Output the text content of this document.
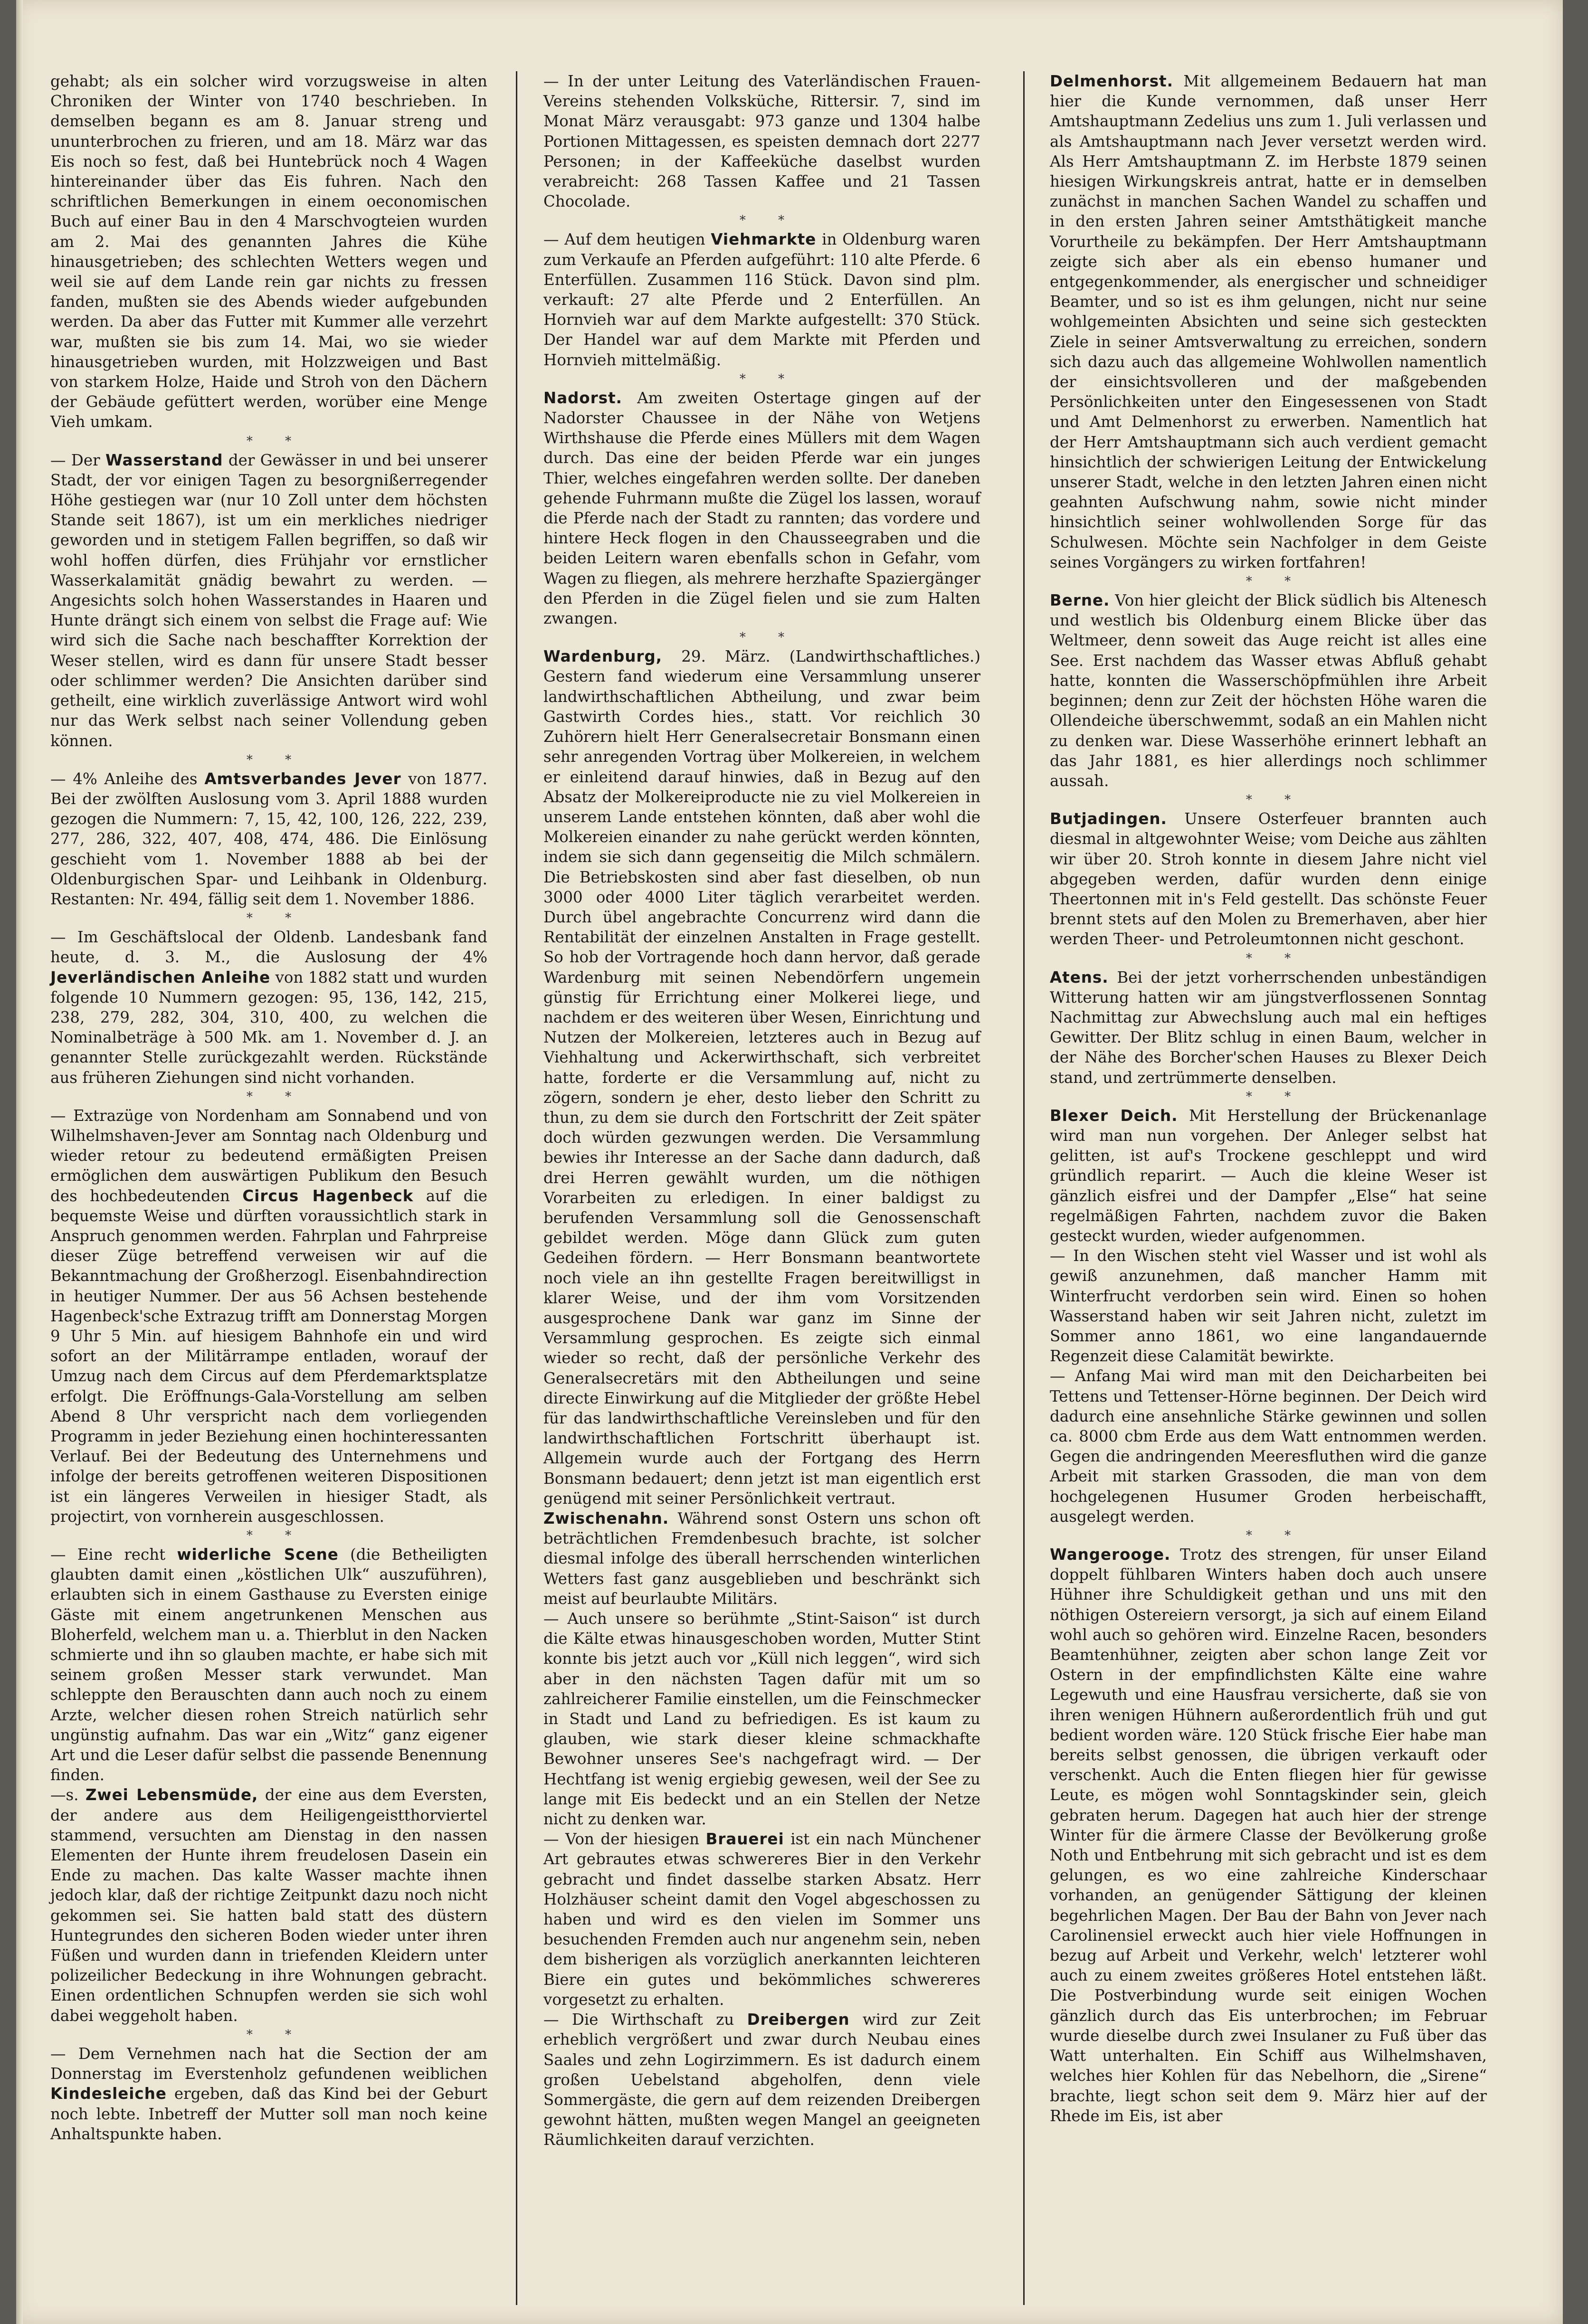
gehabt; als ein solcher wird vorzugsweise in alten Chroniken der Winter von 1740 beschrieben. In demselben begann es am 8. Januar streng und ununterbrochen zu frieren, und am 18. März war das Eis noch so fest, daß bei Huntebrück noch 4 Wagen hintereinander über das Eis fuhren. Nach den schriftlichen Bemerkungen in einem oeconomischen Buch auf einer Bau in den 4 Marschvogteien wurden am 2. Mai des genannten Jahres die Kühe hinausgetrieben; des schlechten Wetters wegen und weil sie auf dem Lande rein gar nichts zu fressen fanden, mußten sie des Abends wieder aufgebunden werden. Da aber das Futter mit Kummer alle verzehrt war, mußten sie bis zum 14. Mai, wo sie wieder hinausgetrieben wurden, mit Holzzweigen und Bast von starkem Holze, Haide und Stroh von den Dächern der Gebäude gefüttert werden, worüber eine Menge Vieh umkam.

* *

— Der Wasserstand der Gewässer in und bei unserer Stadt, der vor einigen Tagen zu besorgnißerregender Höhe gestiegen war (nur 10 Zoll unter dem höchsten Stande seit 1867), ist um ein merkliches niedriger geworden und in stetigem Fallen begriffen, so daß wir wohl hoffen dürfen, dies Frühjahr vor ernstlicher Wasserkalamität gnädig bewahrt zu werden. — Angesichts solch hohen Wasserstandes in Haaren und Hunte drängt sich einem von selbst die Frage auf: Wie wird sich die Sache nach beschaffter Korrektion der Weser stellen, wird es dann für unsere Stadt besser oder schlimmer werden? Die Ansichten darüber sind getheilt, eine wirklich zuverlässige Antwort wird wohl nur das Werk selbst nach seiner Vollendung geben können.

* *

— 4% Anleihe des Amtsverbandes Jever von 1877. Bei der zwölften Auslosung vom 3. April 1888 wurden gezogen die Nummern: 7, 15, 42, 100, 126, 222, 239, 277, 286, 322, 407, 408, 474, 486. Die Einlösung geschieht vom 1. November 1888 ab bei der Oldenburgischen Spar- und Leihbank in Oldenburg. Restanten: Nr. 494, fällig seit dem 1. November 1886.

* *

— Im Geschäftslocal der Oldenb. Landesbank fand heute, d. 3. M., die Auslosung der 4% Jeverländischen Anleihe von 1882 statt und wurden folgende 10 Nummern gezogen: 95, 136, 142, 215, 238, 279, 282, 304, 310, 400, zu welchen die Nominalbeträge à 500 Mk. am 1. November d. J. an genannter Stelle zurückgezahlt werden. Rückstände aus früheren Ziehungen sind nicht vorhanden.

* *

— Extrazüge von Nordenham am Sonnabend und von Wilhelmshaven-Jever am Sonntag nach Oldenburg und wieder retour zu bedeutend ermäßigten Preisen ermöglichen dem auswärtigen Publikum den Besuch des hochbedeutenden Circus Hagenbeck auf die bequemste Weise und dürften voraussichtlich stark in Anspruch genommen werden. Fahrplan und Fahrpreise dieser Züge betreffend verweisen wir auf die Bekanntmachung der Großherzogl. Eisenbahndirection in heutiger Nummer. Der aus 56 Achsen bestehende Hagenbeck'sche Extrazug trifft am Donnerstag Morgen 9 Uhr 5 Min. auf hiesigem Bahnhofe ein und wird sofort an der Militärrampe entladen, worauf der Umzug nach dem Circus auf dem Pferdemarktsplatze erfolgt. Die Eröffnungs-Gala-Vorstellung am selben Abend 8 Uhr verspricht nach dem vorliegenden Programm in jeder Beziehung einen hochinteressanten Verlauf. Bei der Bedeutung des Unternehmens und infolge der bereits getroffenen weiteren Dispositionen ist ein längeres Verweilen in hiesiger Stadt, als projectirt, von vornherein ausgeschlossen.

* *

— Eine recht widerliche Scene (die Betheiligten glaubten damit einen „köstlichen Ulk“ auszuführen), erlaubten sich in einem Gasthause zu Eversten einige Gäste mit einem angetrunkenen Menschen aus Bloherfeld, welchem man u. a. Thierblut in den Nacken schmierte und ihn so glauben machte, er habe sich mit seinem großen Messer stark verwundet. Man schleppte den Berauschten dann auch noch zu einem Arzte, welcher diesen rohen Streich natürlich sehr ungünstig aufnahm. Das war ein „Witz“ ganz eigener Art und die Leser dafür selbst die passende Benennung finden.

—s. Zwei Lebensmüde, der eine aus dem Eversten, der andere aus dem Heiligengeistthorviertel stammend, versuchten am Dienstag in den nassen Elementen der Hunte ihrem freudelosen Dasein ein Ende zu machen. Das kalte Wasser machte ihnen jedoch klar, daß der richtige Zeitpunkt dazu noch nicht gekommen sei. Sie hatten bald statt des düstern Huntegrundes den sicheren Boden wieder unter ihren Füßen und wurden dann in triefenden Kleidern unter polizeilicher Bedeckung in ihre Wohnungen gebracht. Einen ordentlichen Schnupfen werden sie sich wohl dabei weggeholt haben.

* *

— Dem Vernehmen nach hat die Section der am Donnerstag im Everstenholz gefundenen weiblichen Kindesleiche ergeben, daß das Kind bei der Geburt noch lebte. Inbetreff der Mutter soll man noch keine Anhaltspunkte haben.

— In der unter Leitung des Vaterländischen Frauen-Vereins stehenden Volksküche, Rittersir. 7, sind im Monat März verausgabt: 973 ganze und 1304 halbe Portionen Mittagessen, es speisten demnach dort 2277 Personen; in der Kaffeeküche daselbst wurden verabreicht: 268 Tassen Kaffee und 21 Tassen Chocolade.

* *

— Auf dem heutigen Viehmarkte in Oldenburg waren zum Verkaufe an Pferden aufgeführt: 110 alte Pferde. 6 Enterfüllen. Zusammen 116 Stück. Davon sind plm. verkauft: 27 alte Pferde und 2 Enterfüllen. An Hornvieh war auf dem Markte aufgestellt: 370 Stück. Der Handel war auf dem Markte mit Pferden und Hornvieh mittelmäßig.

* *

Nadorst. Am zweiten Ostertage gingen auf der Nadorster Chaussee in der Nähe von Wetjens Wirthshause die Pferde eines Müllers mit dem Wagen durch. Das eine der beiden Pferde war ein junges Thier, welches eingefahren werden sollte. Der daneben gehende Fuhrmann mußte die Zügel los lassen, worauf die Pferde nach der Stadt zu rannten; das vordere und hintere Heck flogen in den Chausseegraben und die beiden Leitern waren ebenfalls schon in Gefahr, vom Wagen zu fliegen, als mehrere herzhafte Spaziergänger den Pferden in die Zügel fielen und sie zum Halten zwangen.

* *

Wardenburg, 29. März. (Landwirthschaftliches.) Gestern fand wiederum eine Versammlung unserer landwirthschaftlichen Abtheilung, und zwar beim Gastwirth Cordes hies., statt. Vor reichlich 30 Zuhörern hielt Herr Generalsecretair Bonsmann einen sehr anregenden Vortrag über Molkereien, in welchem er einleitend darauf hinwies, daß in Bezug auf den Absatz der Molkereiproducte nie zu viel Molkereien in unserem Lande entstehen könnten, daß aber wohl die Molkereien einander zu nahe gerückt werden könnten, indem sie sich dann gegenseitig die Milch schmälern. Die Betriebskosten sind aber fast dieselben, ob nun 3000 oder 4000 Liter täglich verarbeitet werden. Durch übel angebrachte Concurrenz wird dann die Rentabilität der einzelnen Anstalten in Frage gestellt. So hob der Vortragende hoch dann hervor, daß gerade Wardenburg mit seinen Nebendörfern ungemein günstig für Errichtung einer Molkerei liege, und nachdem er des weiteren über Wesen, Einrichtung und Nutzen der Molkereien, letzteres auch in Bezug auf Viehhaltung und Ackerwirthschaft, sich verbreitet hatte, forderte er die Versammlung auf, nicht zu zögern, sondern je eher, desto lieber den Schritt zu thun, zu dem sie durch den Fortschritt der Zeit später doch würden gezwungen werden. Die Versammlung bewies ihr Interesse an der Sache dann dadurch, daß drei Herren gewählt wurden, um die nöthigen Vorarbeiten zu erledigen. In einer baldigst zu berufenden Versammlung soll die Genossenschaft gebildet werden. Möge dann Glück zum guten Gedeihen fördern. — Herr Bonsmann beantwortete noch viele an ihn gestellte Fragen bereitwilligst in klarer Weise, und der ihm vom Vorsitzenden ausgesprochene Dank war ganz im Sinne der Versammlung gesprochen. Es zeigte sich einmal wieder so recht, daß der persönliche Verkehr des Generalsecretärs mit den Abtheilungen und seine directe Einwirkung auf die Mitglieder der größte Hebel für das landwirthschaftliche Vereinsleben und für den landwirthschaftlichen Fortschritt überhaupt ist. Allgemein wurde auch der Fortgang des Herrn Bonsmann bedauert; denn jetzt ist man eigentlich erst genügend mit seiner Persönlichkeit vertraut.

Zwischenahn. Während sonst Ostern uns schon oft beträchtlichen Fremdenbesuch brachte, ist solcher diesmal infolge des überall herrschenden winterlichen Wetters fast ganz ausgeblieben und beschränkt sich meist auf beurlaubte Militärs.

— Auch unsere so berühmte „Stint-Saison“ ist durch die Kälte etwas hinausgeschoben worden, Mutter Stint konnte bis jetzt auch vor „Küll nich leggen“, wird sich aber in den nächsten Tagen dafür mit um so zahlreicherer Familie einstellen, um die Feinschmecker in Stadt und Land zu befriedigen. Es ist kaum zu glauben, wie stark dieser kleine schmackhafte Bewohner unseres See's nachgefragt wird. — Der Hechtfang ist wenig ergiebig gewesen, weil der See zu lange mit Eis bedeckt und an ein Stellen der Netze nicht zu denken war.

— Von der hiesigen Brauerei ist ein nach Münchener Art gebrautes etwas schwereres Bier in den Verkehr gebracht und findet dasselbe starken Absatz. Herr Holzhäuser scheint damit den Vogel abgeschossen zu haben und wird es den vielen im Sommer uns besuchenden Fremden auch nur angenehm sein, neben dem bisherigen als vorzüglich anerkannten leichteren Biere ein gutes und bekömmliches schwereres vorgesetzt zu erhalten.

— Die Wirthschaft zu Dreibergen wird zur Zeit erheblich vergrößert und zwar durch Neubau eines Saales und zehn Logirzimmern. Es ist dadurch einem großen Uebelstand abgeholfen, denn viele Sommergäste, die gern auf dem reizenden Dreibergen gewohnt hätten, mußten wegen Mangel an geeigneten Räumlichkeiten darauf verzichten.

Delmenhorst. Mit allgemeinem Bedauern hat man hier die Kunde vernommen, daß unser Herr Amtshauptmann Zedelius uns zum 1. Juli verlassen und als Amtshauptmann nach Jever versetzt werden wird. Als Herr Amtshauptmann Z. im Herbste 1879 seinen hiesigen Wirkungskreis antrat, hatte er in demselben zunächst in manchen Sachen Wandel zu schaffen und in den ersten Jahren seiner Amtsthätigkeit manche Vorurtheile zu bekämpfen. Der Herr Amtshauptmann zeigte sich aber als ein ebenso humaner und entgegenkommender, als energischer und schneidiger Beamter, und so ist es ihm gelungen, nicht nur seine wohlgemeinten Absichten und seine sich gesteckten Ziele in seiner Amtsverwaltung zu erreichen, sondern sich dazu auch das allgemeine Wohlwollen namentlich der einsichtsvolleren und der maßgebenden Persönlichkeiten unter den Eingesessenen von Stadt und Amt Delmenhorst zu erwerben. Namentlich hat der Herr Amtshauptmann sich auch verdient gemacht hinsichtlich der schwierigen Leitung der Entwickelung unserer Stadt, welche in den letzten Jahren einen nicht geahnten Aufschwung nahm, sowie nicht minder hinsichtlich seiner wohlwollenden Sorge für das Schulwesen. Möchte sein Nachfolger in dem Geiste seines Vorgängers zu wirken fortfahren!

* *

Berne. Von hier gleicht der Blick südlich bis Altenesch und westlich bis Oldenburg einem Blicke über das Weltmeer, denn soweit das Auge reicht ist alles eine See. Erst nachdem das Wasser etwas Abfluß gehabt hatte, konnten die Wasserschöpfmühlen ihre Arbeit beginnen; denn zur Zeit der höchsten Höhe waren die Ollendeiche überschwemmt, sodaß an ein Mahlen nicht zu denken war. Diese Wasserhöhe erinnert lebhaft an das Jahr 1881, es hier allerdings noch schlimmer aussah.

* *

Butjadingen. Unsere Osterfeuer brannten auch diesmal in altgewohnter Weise; vom Deiche aus zählten wir über 20. Stroh konnte in diesem Jahre nicht viel abgegeben werden, dafür wurden denn einige Theertonnen mit in's Feld gestellt. Das schönste Feuer brennt stets auf den Molen zu Bremerhaven, aber hier werden Theer- und Petroleumtonnen nicht geschont.

* *

Atens. Bei der jetzt vorherrschenden unbeständigen Witterung hatten wir am jüngstverflossenen Sonntag Nachmittag zur Abwechslung auch mal ein heftiges Gewitter. Der Blitz schlug in einen Baum, welcher in der Nähe des Borcher'schen Hauses zu Blexer Deich stand, und zertrümmerte denselben.

* *

Blexer Deich. Mit Herstellung der Brückenanlage wird man nun vorgehen. Der Anleger selbst hat gelitten, ist auf's Trockene geschleppt und wird gründlich reparirt. — Auch die kleine Weser ist gänzlich eisfrei und der Dampfer „Else“ hat seine regelmäßigen Fahrten, nachdem zuvor die Baken gesteckt wurden, wieder aufgenommen.

— In den Wischen steht viel Wasser und ist wohl als gewiß anzunehmen, daß mancher Hamm mit Winterfrucht verdorben sein wird. Einen so hohen Wasserstand haben wir seit Jahren nicht, zuletzt im Sommer anno 1861, wo eine langandauernde Regenzeit diese Calamität bewirkte.

— Anfang Mai wird man mit den Deicharbeiten bei Tettens und Tettenser-Hörne beginnen. Der Deich wird dadurch eine ansehnliche Stärke gewinnen und sollen ca. 8000 cbm Erde aus dem Watt entnommen werden. Gegen die andringenden Meeresfluthen wird die ganze Arbeit mit starken Grassoden, die man von dem hochgelegenen Husumer Groden herbeischafft, ausgelegt werden.

* *

Wangerooge. Trotz des strengen, für unser Eiland doppelt fühlbaren Winters haben doch auch unsere Hühner ihre Schuldigkeit gethan und uns mit den nöthigen Ostereiern versorgt, ja sich auf einem Eiland wohl auch so gehören wird. Einzelne Racen, besonders Beamtenhühner, zeigten aber schon lange Zeit vor Ostern in der empfindlichsten Kälte eine wahre Legewuth und eine Hausfrau versicherte, daß sie von ihren wenigen Hühnern außerordentlich früh und gut bedient worden wäre. 120 Stück frische Eier habe man bereits selbst genossen, die übrigen verkauft oder verschenkt. Auch die Enten fliegen hier für gewisse Leute, es mögen wohl Sonntagskinder sein, gleich gebraten herum. Dagegen hat auch hier der strenge Winter für die ärmere Classe der Bevölkerung große Noth und Entbehrung mit sich gebracht und ist es dem gelungen, es wo eine zahlreiche Kinderschaar vorhanden, an genügender Sättigung der kleinen begehrlichen Magen. Der Bau der Bahn von Jever nach Carolinensiel erweckt auch hier viele Hoffnungen in bezug auf Arbeit und Verkehr, welch' letzterer wohl auch zu einem zweites größeres Hotel entstehen läßt. Die Postverbindung wurde seit einigen Wochen gänzlich durch das Eis unterbrochen; im Februar wurde dieselbe durch zwei Insulaner zu Fuß über das Watt unterhalten. Ein Schiff aus Wilhelmshaven, welches hier Kohlen für das Nebelhorn, die „Sirene“ brachte, liegt schon seit dem 9. März hier auf der Rhede im Eis, ist aber
